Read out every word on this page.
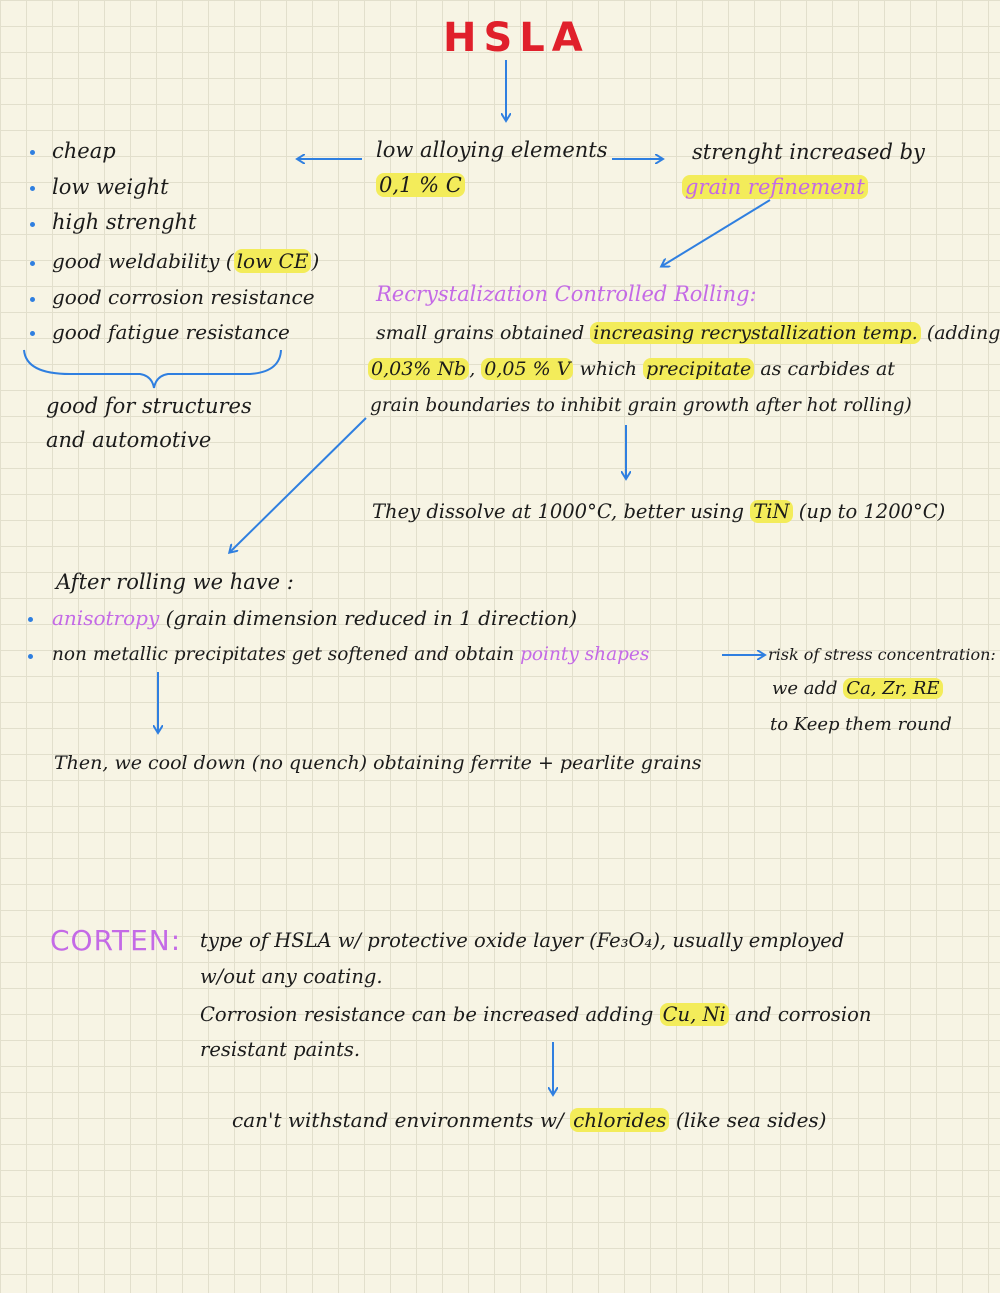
HSLA
low alloying elements
0,1 % C
strenght increased by
grain refinement
cheap
low weight
high strenght
good weldability ( low CE )
good corrosion resistance
good fatigue resistance
good for structures
and automotive
Recrystalization Controlled Rolling:
small grains obtained increasing recrystallization temp. (adding
0,03% Nb , 0,05 % V which precipitate as carbides at
grain boundaries to inhibit grain growth after hot rolling)
They dissolve at 1000°C, better using TiN (up to 1200°C)
After rolling we have :
anisotropy (grain dimension reduced in 1 direction)
non metallic precipitates get softened and obtain pointy shapes	risk of stress concentration:
we add Ca, Zr, RE
to Keep them round
Then, we cool down (no quench) obtaining ferrite + pearlite grains
CORTEN: type of HSLA w/ protective oxide layer (Fe₃O₄), usually employed
w/out any coating.
Corrosion resistance can be increased adding Cu, Ni and corrosion
resistant paints.
can't withstand environments w/ chlorides (like sea sides)
